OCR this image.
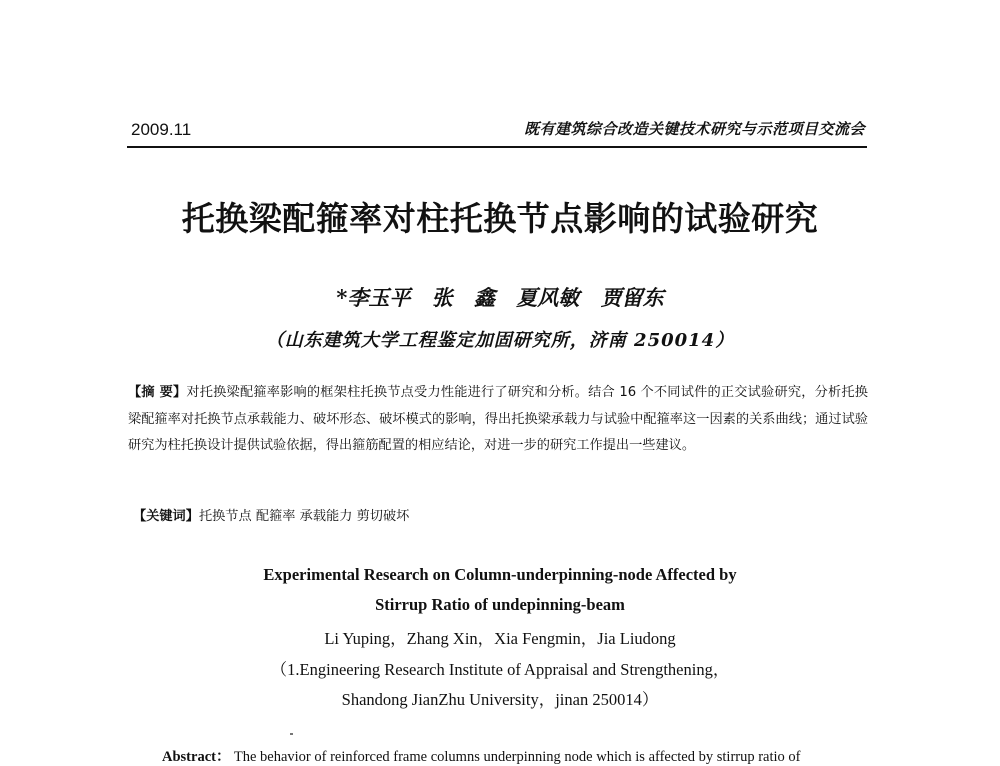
2009.11	既有建筑综合改造关键技术研究与示范项目交流会
托换梁配箍率对柱托换节点影响的试验研究
*李玉平 张 鑫 夏风敏 贾留东
（山东建筑大学工程鉴定加固研究所，济南 250014）
【摘 要】对托换梁配箍率影响的框架柱托换节点受力性能进行了研究和分析。结合 16 个不同试件的正交试验研究，分析托换梁配箍率对托换节点承载能力、破坏形态、破坏模式的影响，得出托换梁承载力与试验中配箍率这一因素的关系曲线；通过试验研究为柱托换设计提供试验依据，得出箍筋配置的相应结论，对进一步的研究工作提出一些建议。
【关键词】托换节点 配箍率 承载能力 剪切破坏
Experimental Research on Column-underpinning-node Affected by
Stirrup Ratio of undepinning-beam
Li Yuping，Zhang Xin，Xia Fengmin，Jia Liudong
（1.Engineering Research Institute of Appraisal and Strengthening，
Shandong JianZhu University，jinan 250014）
Abstract： The behavior of reinforced frame columns underpinning node which is affected by stirrup ratio of
